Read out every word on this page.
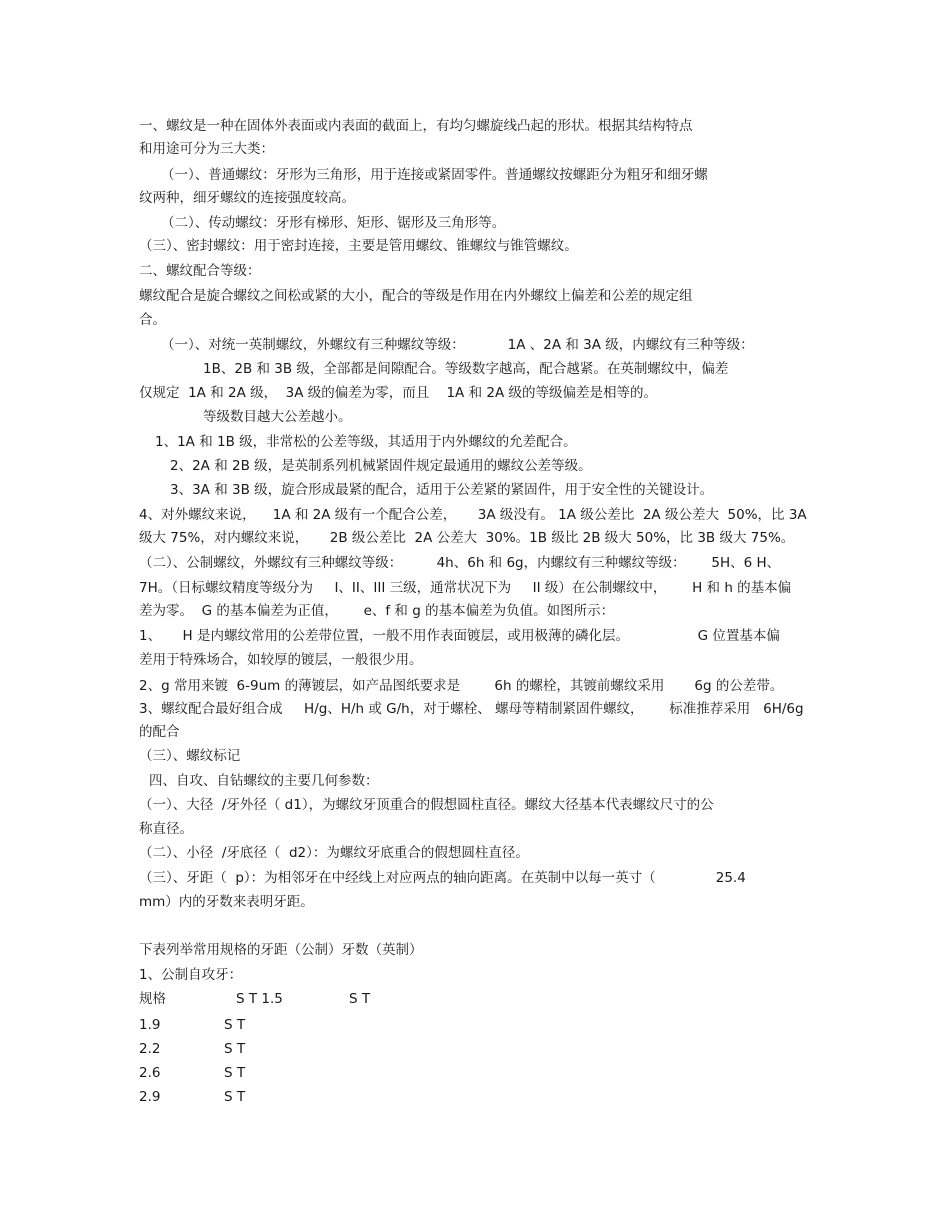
一、螺纹是一种在固体外表面或内表面的截面上，有均匀螺旋线凸起的形状。根据其结构特点
和用途可分为三大类：
（一）、普通螺纹：牙形为三角形，用于连接或紧固零件。普通螺纹按螺距分为粗牙和细牙螺
纹两种，细牙螺纹的连接强度较高。
（二）、传动螺纹：牙形有梯形、矩形、锯形及三角形等。
（三）、密封螺纹：用于密封连接，主要是管用螺纹、锥螺纹与锥管螺纹。
二、螺纹配合等级：
螺纹配合是旋合螺纹之间松或紧的大小，配合的等级是作用在内外螺纹上偏差和公差的规定组
合。
（一）、对统一英制螺纹，外螺纹有三种螺纹等级：          1A 、2A 和 3A 级，内螺纹有三种等级：
1B、2B 和 3B 级，全部都是间隙配合。等级数字越高，配合越紧。在英制螺纹中，偏差
仅规定  1A 和 2A 级，  3A 级的偏差为零，而且    1A 和 2A 级的等级偏差是相等的。
等级数目越大公差越小。
1、1A 和 1B 级，非常松的公差等级，其适用于内外螺纹的允差配合。
2、2A 和 2B 级，是英制系列机械紧固件规定最通用的螺纹公差等级。
3、3A 和 3B 级，旋合形成最紧的配合，适用于公差紧的紧固件，用于安全性的关键设计。
4、对外螺纹来说，    1A 和 2A 级有一个配合公差，     3A 级没有。 1A 级公差比  2A 级公差大  50%，比 3A
级大 75%，对内螺纹来说，     2B 级公差比  2A 公差大  30%。1B 级比 2B 级大 50%，比 3B 级大 75%。
（二）、公制螺纹，外螺纹有三种螺纹等级：        4h、6h 和 6g，内螺纹有三种螺纹等级：      5H、6 H、
7H。（日标螺纹精度等级分为     I、II、III 三级，通常状况下为     II 级）在公制螺纹中，      H 和 h 的基本偏
差为零。  G 的基本偏差为正值，      e、f 和 g 的基本偏差为负值。如图所示：
1、     H 是内螺纹常用的公差带位置，一般不用作表面镀层，或用极薄的磷化层。                G 位置基本偏
差用于特殊场合，如较厚的镀层，一般很少用。
2、g 常用来镀  6-9um 的薄镀层，如产品图纸要求是        6h 的螺栓，其镀前螺纹采用       6g 的公差带。
3、螺纹配合最好组合成     H/g、H/h 或 G/h，对于螺栓、 螺母等精制紧固件螺纹，      标准推荐采用   6H/6g
的配合
（三）、螺纹标记
四、自攻、自钻螺纹的主要几何参数：
（一）、大径  /牙外径（ d1），为螺纹牙顶重合的假想圆柱直径。螺纹大径基本代表螺纹尺寸的公
称直径。
（二）、小径  /牙底径（  d2）：为螺纹牙底重合的假想圆柱直径。
（三）、牙距（  p）：为相邻牙在中经线上对应两点的轴向距离。在英制中以每一英寸（              25.4
mm）内的牙数来表明牙距。
下表列举常用规格的牙距（公制）牙数（英制）
1、公制自攻牙：
规格	S T 1.5	S T
1.9	S T
2.2	S T
2.6	S T
2.9	S T
